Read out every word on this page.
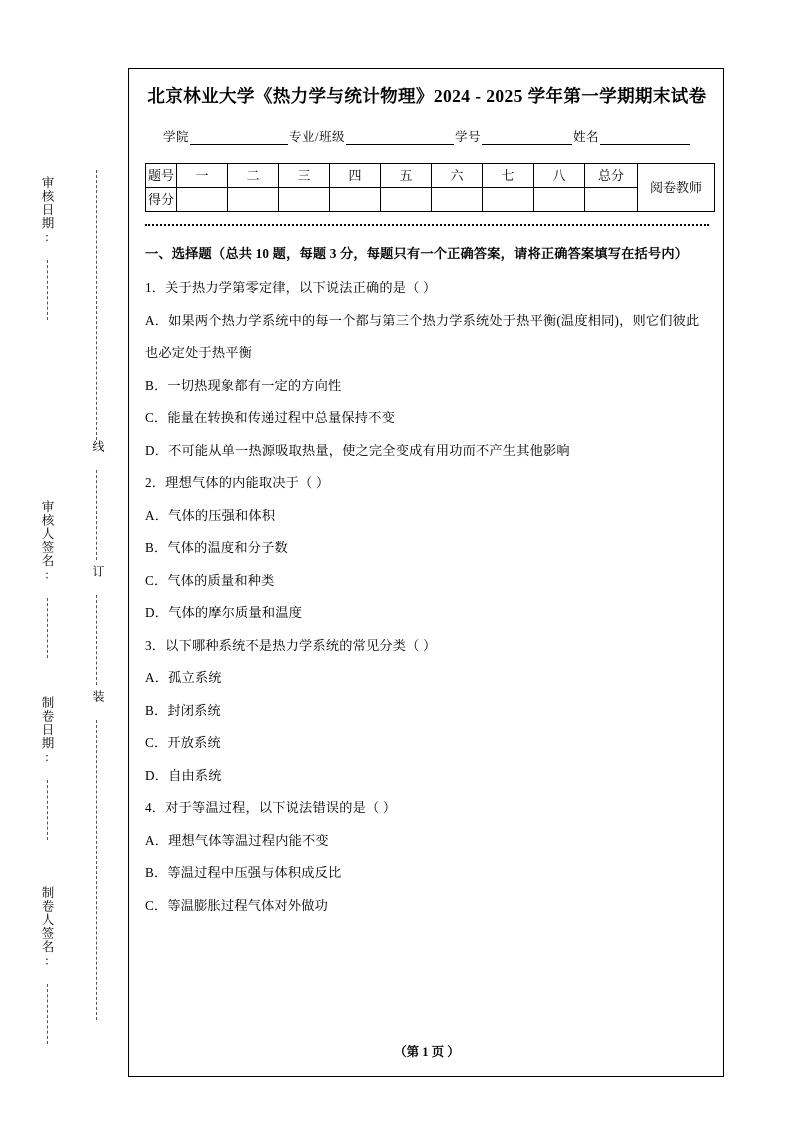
审核日期:
审核人签名:
制卷日期:
制卷人签名:
线
订
装
北京林业大学《热力学与统计物理》2024 - 2025 学年第一学期期末试卷
学院	专业/班级	学号	姓名
题号	一	二	三	四	五	六	七	八	总分	阅卷教师

得分										

一、选择题（总共 10 题，每题 3 分，每题只有一个正确答案，请将正确答案填写在括号内）

1．关于热力学第零定律，以下说法正确的是（ ）

A．如果两个热力学系统中的每一个都与第三个热力学系统处于热平衡(温度相同)，则它们彼此也必定处于热平衡

B．一切热现象都有一定的方向性

C．能量在转换和传递过程中总量保持不变

D．不可能从单一热源吸取热量，使之完全变成有用功而不产生其他影响

2．理想气体的内能取决于（ ）

A．气体的压强和体积

B．气体的温度和分子数

C．气体的质量和种类

D．气体的摩尔质量和温度

3．以下哪种系统不是热力学系统的常见分类（ ）

A．孤立系统

B．封闭系统

C．开放系统

D．自由系统

4．对于等温过程，以下说法错误的是（ ）

A．理想气体等温过程内能不变

B．等温过程中压强与体积成反比

C．等温膨胀过程气体对外做功

（第 1 页 ）
